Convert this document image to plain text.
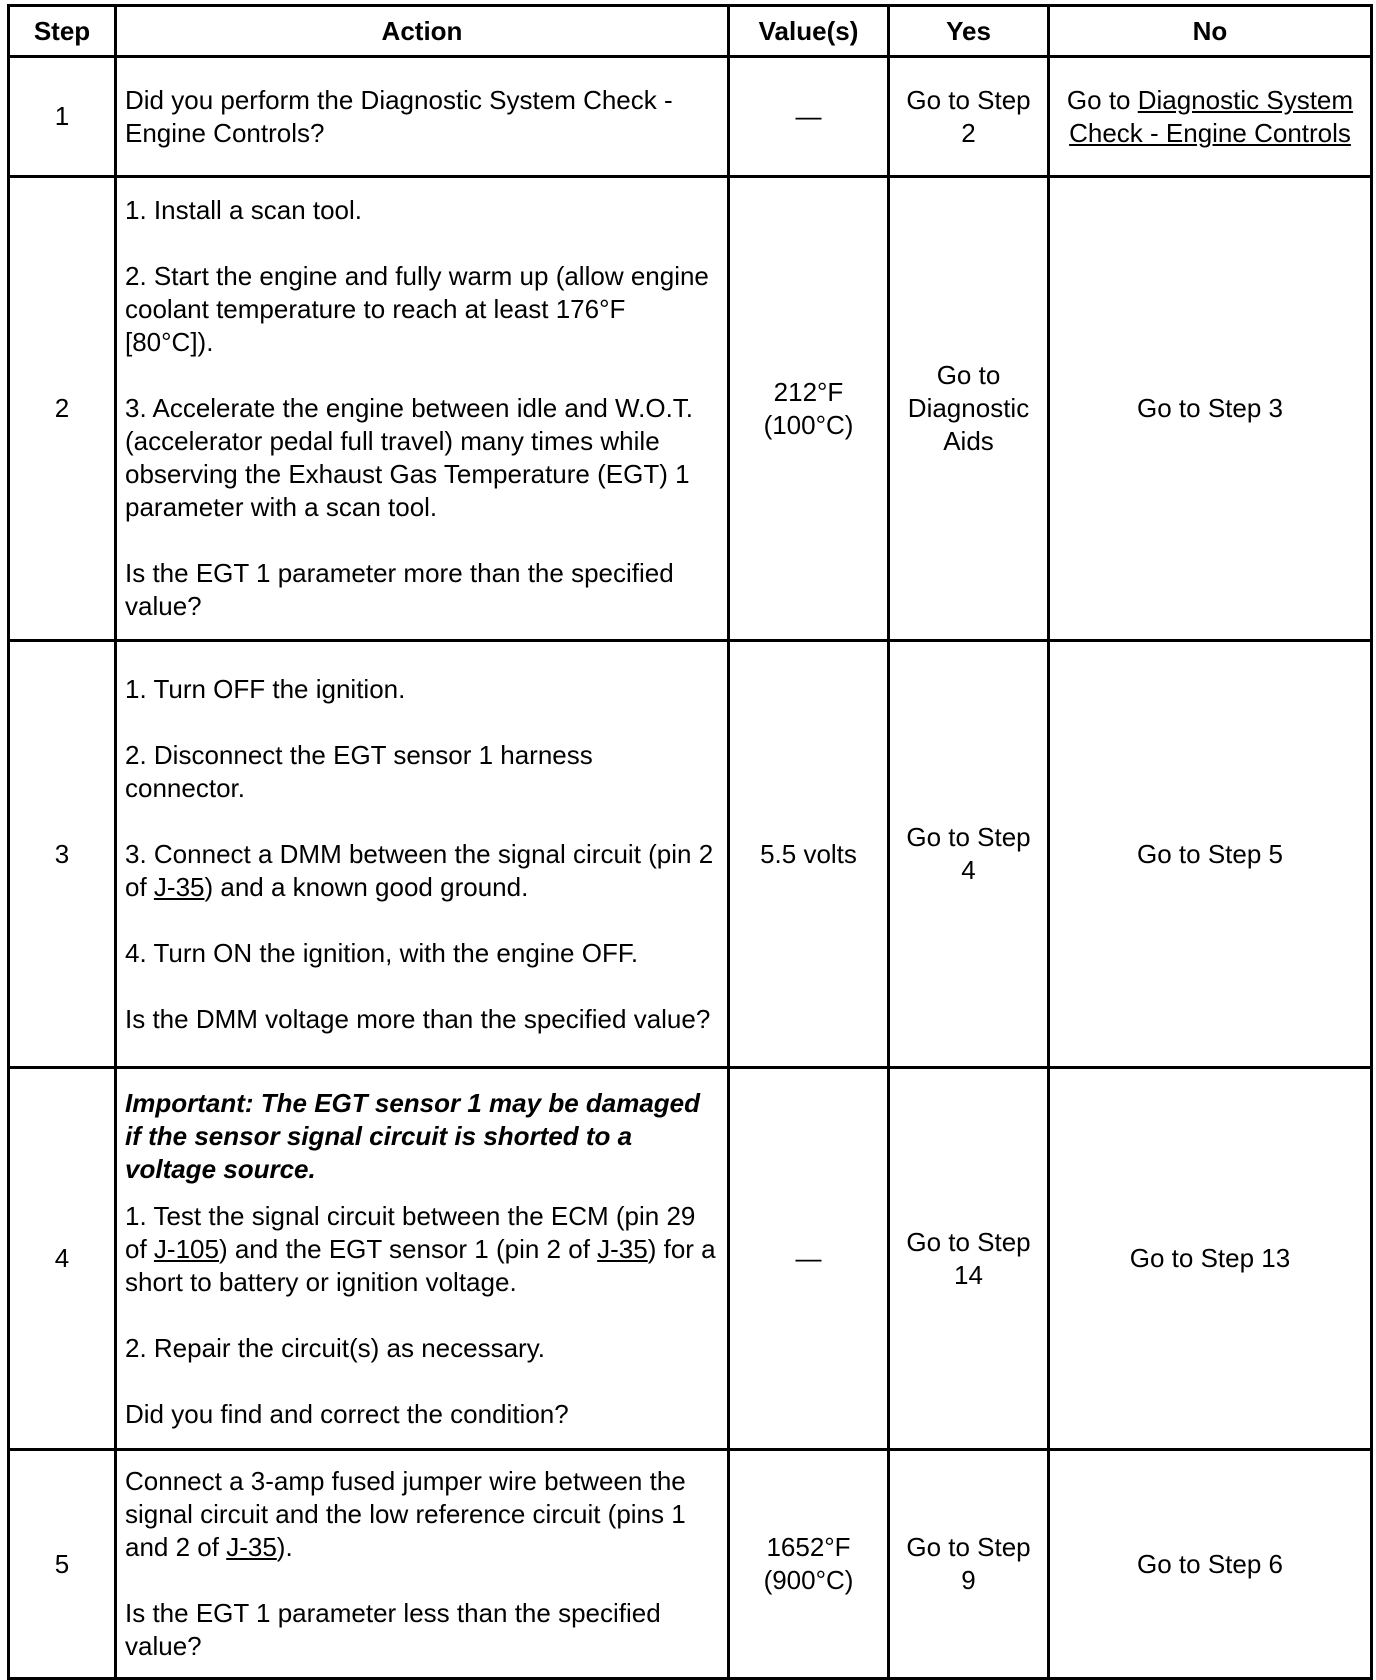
Step	Action	Value(s)	Yes	No
1	Did you perform the Diagnostic System Check - Engine Controls?	—	Go to Step 2	Go to Diagnostic System Check - Engine Controls
2	1. Install a scan tool.

2. Start the engine and fully warm up (allow engine coolant temperature to reach at least 176°F [80°C]).

3. Accelerate the engine between idle and W.O.T. (accelerator pedal full travel) many times while observing the Exhaust Gas Temperature (EGT) 1 parameter with a scan tool.

Is the EGT 1 parameter more than the specified value?	212°F (100°C)	Go to Diagnostic Aids	Go to Step 3
3	1. Turn OFF the ignition.

2. Disconnect the EGT sensor 1 harness connector.

3. Connect a DMM between the signal circuit (pin 2 of J-35) and a known good ground.

4. Turn ON the ignition, with the engine OFF.

Is the DMM voltage more than the specified value?	5.5 volts	Go to Step 4	Go to Step 5
4	Important: The EGT sensor 1 may be damaged if the sensor signal circuit is shorted to a voltage source.

1. Test the signal circuit between the ECM (pin 29 of J-105) and the EGT sensor 1 (pin 2 of J-35) for a short to battery or ignition voltage.

2. Repair the circuit(s) as necessary.

Did you find and correct the condition?	—	Go to Step 14	Go to Step 13
5	Connect a 3-amp fused jumper wire between the signal circuit and the low reference circuit (pins 1 and 2 of J-35).

Is the EGT 1 parameter less than the specified value?	1652°F (900°C)	Go to Step 9	Go to Step 6
